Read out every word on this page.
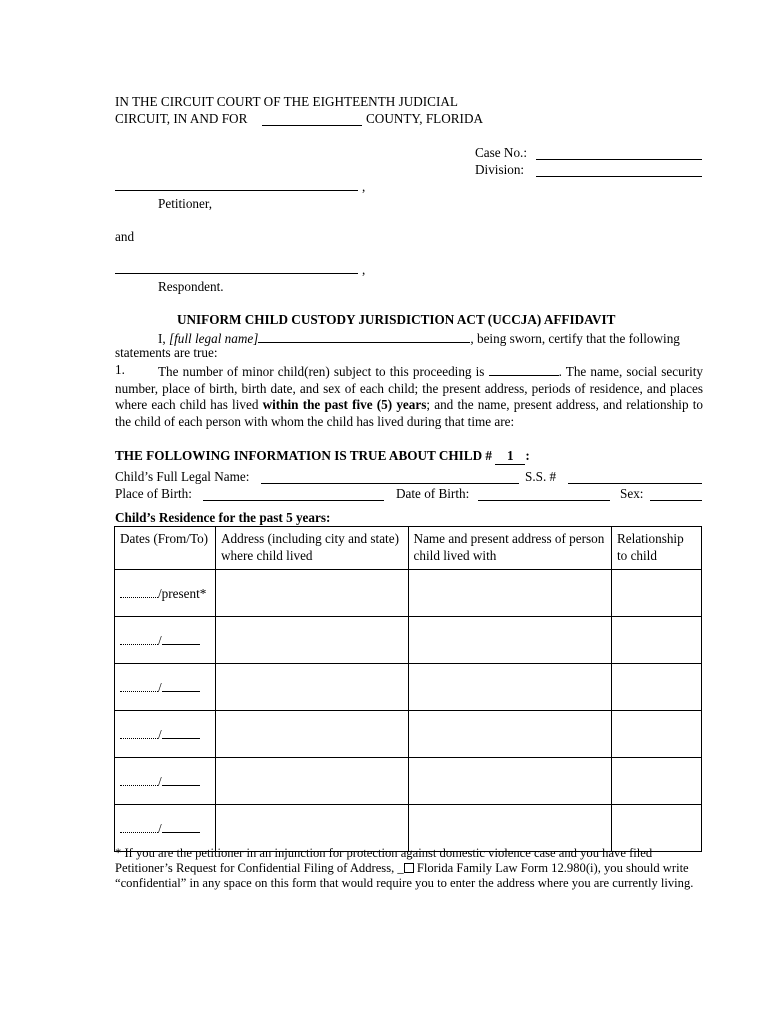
IN THE CIRCUIT COURT OF THE EIGHTEENTH JUDICIAL
CIRCUIT, IN AND FOR	COUNTY, FLORIDA
Case No.:
Division:
,
Petitioner,
and
,
Respondent.
UNIFORM CHILD CUSTODY JURISDICTION ACT (UCCJA) AFFIDAVIT
I, [full legal name]	, being sworn, certify that the following
statements are true:
1.	The number of minor child(ren) subject to this proceeding is	. The name, social security number, place of birth, birth date, and sex of each child; the present address, periods of residence, and places where each child has lived within the past five (5) years; and the name, present address, and relationship to the child of each person with whom the child has lived during that time are:
THE FOLLOWING INFORMATION IS TRUE ABOUT CHILD # 1 :
Child’s Full Legal Name:	S.S. #
Place of Birth:	Date of Birth:	Sex:
Child’s Residence for the past 5 years:
Dates (From/To)	Address (including city and state) where child lived	Name and present address of person child lived with	Relationship to child
/present*			
/			
/			
/			
/			
/			
* If you are the petitioner in an injunction for protection against domestic violence case and you have filed
Petitioner’s Request for Confidential Filing of Address, _ Florida Family Law Form 12.980(i), you should write
“confidential” in any space on this form that would require you to enter the address where you are currently living.
